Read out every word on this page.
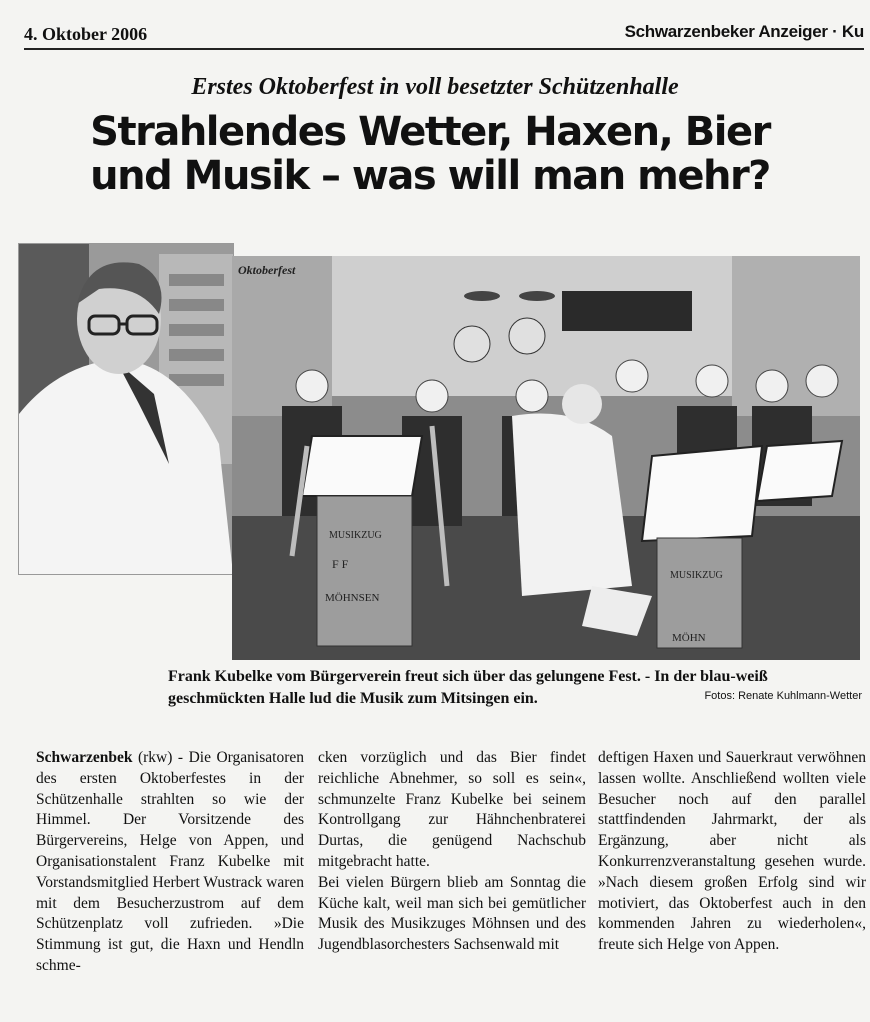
4. Oktober 2006	Schwarzenbeker Anzeiger · Ku
Erstes Oktoberfest in voll besetzter Schützenhalle
Strahlendes Wetter, Haxen, Bier
und Musik – was will man mehr?
Oktoberfest
MUSIKZUG
F F
MÖHNSEN
MUSIKZUG
MÖHN
Frank Kubelke vom Bürgerverein freut sich über das gelungene Fest. - In der blau-weiß geschmückten Halle lud die Musik zum Mitsingen ein.	Fotos: Renate Kuhlmann-Wetter

Schwarzenbek (rkw) - Die Organisatoren des ersten Oktoberfestes in der Schützenhalle strahlten so wie der Himmel. Der Vorsitzende des Bürgervereins, Helge von Appen, und Organisationstalent Franz Kubelke mit Vorstandsmitglied Herbert Wustrack waren mit dem Besucherzustrom auf dem Schützenplatz voll zufrieden. »Die Stimmung ist gut, die Haxn und Hendln schme-

cken vorzüglich und das Bier findet reichliche Abnehmer, so soll es sein«, schmunzelte Franz Kubelke bei seinem Kontrollgang zur Hähnchenbraterei Durtas, die genügend Nachschub mitgebracht hatte.

Bei vielen Bürgern blieb am Sonntag die Küche kalt, weil man sich bei gemütlicher Musik des Musikzuges Möhnsen und des Jugendblasorchesters Sachsenwald mit

deftigen Haxen und Sauerkraut verwöhnen lassen wollte. Anschließend wollten viele Besucher noch auf den parallel stattfindenden Jahrmarkt, der als Ergänzung, aber nicht als Konkurrenzveranstaltung gesehen wurde. »Nach diesem großen Erfolg sind wir motiviert, das Oktoberfest auch in den kommenden Jahren zu wiederholen«, freute sich Helge von Appen.
